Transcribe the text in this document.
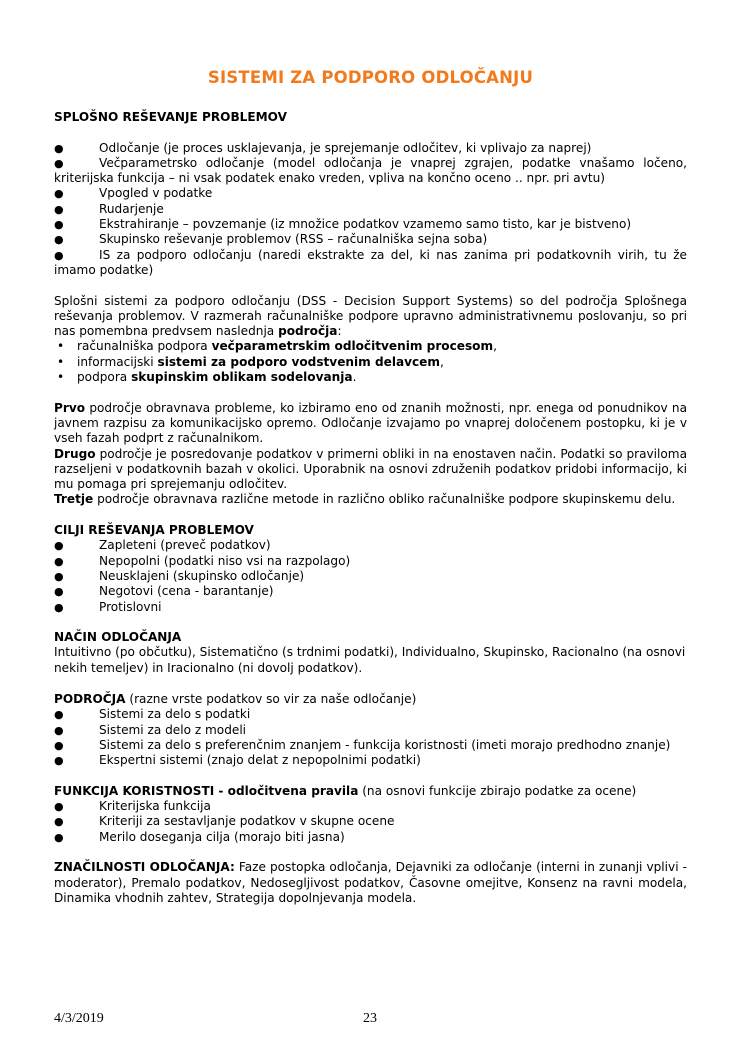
SISTEMI ZA PODPORO ODLOČANJU
SPLOŠNO REŠEVANJE PROBLEMOV
●	Odločanje (je proces usklajevanja, je sprejemanje odločitev, ki vplivajo za naprej)
●	Večparametrsko odločanje (model odločanja je vnaprej zgrajen, podatke vnašamo ločeno, kriterijska funkcija – ni vsak podatek enako vreden, vpliva na končno oceno .. npr. pri avtu)
●	Vpogled v podatke
●	Rudarjenje
●	Ekstrahiranje – povzemanje (iz množice podatkov vzamemo samo tisto, kar je bistveno)
●	Skupinsko reševanje problemov (RSS – računalniška sejna soba)
●	IS za podporo odločanju (naredi ekstrakte za del, ki nas zanima pri podatkovnih virih, tu že imamo podatke)
Splošni sistemi za podporo odločanju (DSS - Decision Support Systems) so del področja Splošnega reševanja problemov. V razmerah računalniške podpore upravno administrativnemu poslovanju, so pri nas pomembna predvsem naslednja področja:
•	računalniška podpora večparametrskim odločitvenim procesom,
•	informacijski sistemi za podporo vodstvenim delavcem,
•	podpora skupinskim oblikam sodelovanja.
Prvo področje obravnava probleme, ko izbiramo eno od znanih možnosti, npr. enega od ponudnikov na javnem razpisu za komunikacijsko opremo. Odločanje izvajamo po vnaprej določenem postopku, ki je v vseh fazah podprt z računalnikom.
Drugo področje je posredovanje podatkov v primerni obliki in na enostaven način. Podatki so praviloma razseljeni v podatkovnih bazah v okolici. Uporabnik na osnovi združenih podatkov pridobi informacijo, ki mu pomaga pri sprejemanju odločitev.
Tretje področje obravnava različne metode in različno obliko računalniške podpore skupinskemu delu.
CILJI REŠEVANJA PROBLEMOV
●	Zapleteni (preveč podatkov)
●	Nepopolni (podatki niso vsi na razpolago)
●	Neusklajeni (skupinsko odločanje)
●	Negotovi (cena - barantanje)
●	Protislovni
NAČIN ODLOČANJA
Intuitivno (po občutku), Sistematično (s trdnimi podatki), Individualno, Skupinsko, Racionalno (na osnovi nekih temeljev) in Iracionalno (ni dovolj podatkov).
PODROČJA (razne vrste podatkov so vir za naše odločanje)
●	Sistemi za delo s podatki
●	Sistemi za delo z modeli
●	Sistemi za delo s preferenčnim znanjem - funkcija koristnosti (imeti morajo predhodno znanje)
●	Ekspertni sistemi (znajo delat z nepopolnimi podatki)
FUNKCIJA KORISTNOSTI - odločitvena pravila (na osnovi funkcije zbirajo podatke za ocene)
●	Kriterijska funkcija
●	Kriteriji za sestavljanje podatkov v skupne ocene
●	Merilo doseganja cilja (morajo biti jasna)
ZNAČILNOSTI ODLOČANJA: Faze postopka odločanja, Dejavniki za odločanje (interni in zunanji vplivi - moderator), Premalo podatkov, Nedosegljivost podatkov, Časovne omejitve, Konsenz na ravni modela, Dinamika vhodnih zahtev, Strategija dopolnjevanja modela.
4/3/2019	23
